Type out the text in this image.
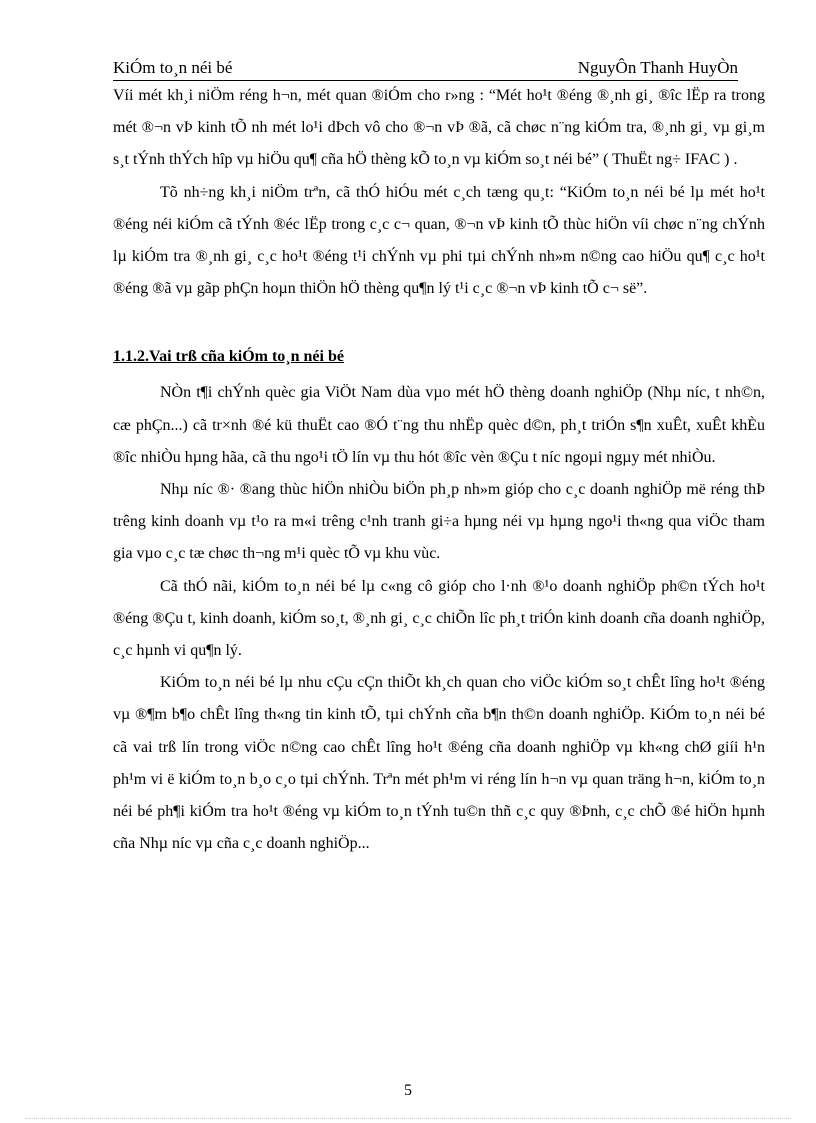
KiÓm to¸n néi bé	NguyÔn Thanh HuyÒn

Víi mét kh¸i niÖm réng h¬n, mét quan ®iÓm cho r»ng : “Mét ho¹t ®éng ®¸nh gi¸ ®îc lËp ra trong mét ®¬n vÞ kinh tÕ nh mét lo¹i dÞch vô cho ®¬n vÞ ®ã, cã chøc n¨ng kiÓm tra, ®¸nh gi¸ vµ gi¸m s¸t tÝnh thÝch hîp vµ hiÖu qu¶ cña hÖ thèng kÕ to¸n vµ kiÓm so¸t néi bé” ( ThuËt ng÷ IFAC ) .

Tõ nh÷ng kh¸i niÖm trªn, cã thÓ hiÓu mét c¸ch tæng qu¸t: “KiÓm to¸n néi bé lµ mét ho¹t ®éng néi kiÓm cã tÝnh ®éc lËp trong c¸c c¬ quan, ®¬n vÞ kinh tÕ thùc hiÖn víi chøc n¨ng chÝnh lµ kiÓm tra ®¸nh gi¸ c¸c ho¹t ®éng t¹i chÝnh vµ phi tµi chÝnh nh»m n©ng cao hiÖu qu¶ c¸c ho¹t ®éng ®ã vµ gãp phÇn hoµn thiÖn hÖ thèng qu¶n lý t¹i c¸c ®¬n vÞ kinh tÕ c¬ së”.

1.1.2.Vai trß cña kiÓm to¸n néi bé

NÒn t¶i chÝnh quèc gia ViÖt Nam dùa vµo mét hÖ thèng doanh nghiÖp (Nhµ níc, t nh©n, cæ phÇn...) cã tr×nh ®é kü thuËt cao ®Ó t¨ng thu nhËp quèc d©n, ph¸t triÓn s¶n xuÊt, xuÊt khÈu ®îc nhiÒu hµng hãa, cã thu ngo¹i tÖ lín vµ thu hót ®îc vèn ®Çu t níc ngoµi ngµy mét nhiÒu.

Nhµ níc ®· ®ang thùc hiÖn nhiÒu biÖn ph¸p nh»m gióp cho c¸c doanh nghiÖp më réng thÞ trêng kinh doanh vµ t¹o ra m«i trêng c¹nh tranh gi÷a hµng néi vµ hµng ngo¹i th«ng qua viÖc tham gia vµo c¸c tæ chøc th¬ng m¹i quèc tÕ vµ khu vùc.

Cã thÓ nãi, kiÓm to¸n néi bé lµ c«ng cô gióp cho l·nh ®¹o doanh nghiÖp ph©n tÝch ho¹t ®éng ®Çu t, kinh doanh, kiÓm so¸t, ®¸nh gi¸ c¸c chiÕn lîc ph¸t triÓn kinh doanh cña doanh nghiÖp, c¸c hµnh vi qu¶n lý.

KiÓm to¸n néi bé lµ nhu cÇu cÇn thiÕt kh¸ch quan cho viÖc kiÓm so¸t chÊt lîng ho¹t ®éng vµ ®¶m b¶o chÊt lîng th«ng tin kinh tÕ, tµi chÝnh cña b¶n th©n doanh nghiÖp. KiÓm to¸n néi bé cã vai trß lín trong viÖc n©ng cao chÊt lîng ho¹t ®éng cña doanh nghiÖp vµ kh«ng chØ giíi h¹n ph¹m vi ë kiÓm to¸n b¸o c¸o tµi chÝnh. Trªn mét ph¹m vi réng lín h¬n vµ quan träng h¬n, kiÓm to¸n néi bé ph¶i kiÓm tra ho¹t ®éng vµ kiÓm to¸n tÝnh tu©n thñ c¸c quy ®Þnh, c¸c chÕ ®é hiÖn hµnh cña Nhµ níc vµ cña c¸c doanh nghiÖp...

5
